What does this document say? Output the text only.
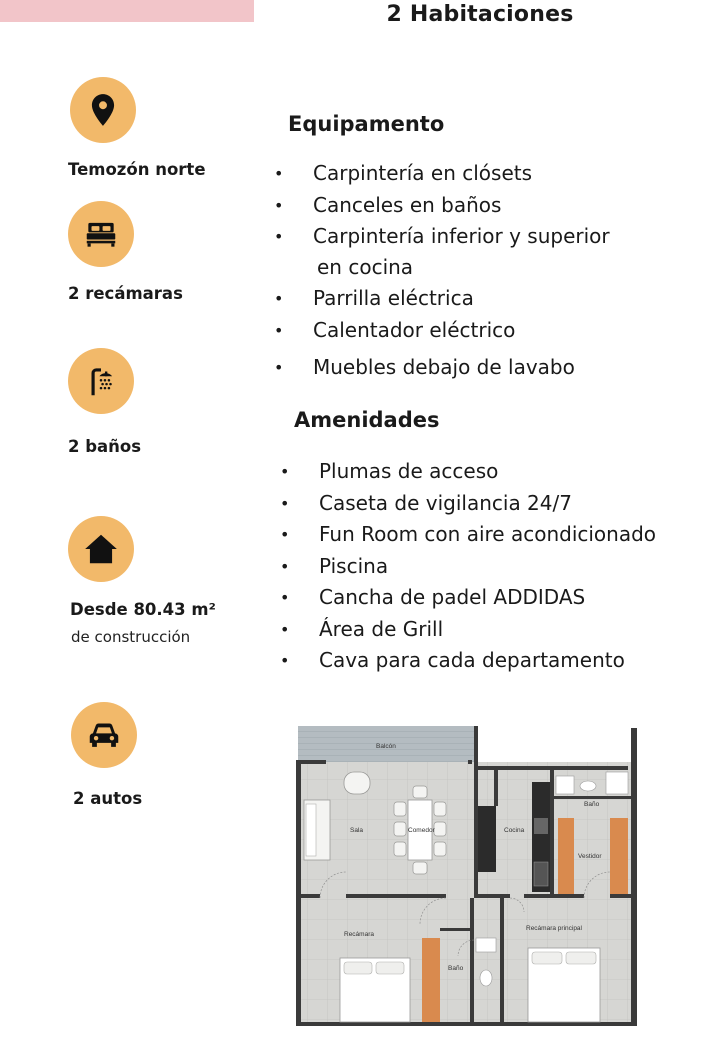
2 Habitaciones
Temozón norte
2 recámaras
2 baños
Desde 80.43 m²
de construcción
2 autos
Equipamento
• Carpintería en clósets
• Canceles en baños
• Carpintería inferior y superior
en cocina
• Parrilla eléctrica
• Calentador eléctrico
• Muebles debajo de lavabo
Amenidades
• Plumas de acceso
• Caseta de vigilancia 24/7
• Fun Room con aire acondicionado
• Piscina
• Cancha de padel ADDIDAS
• Área de Grill
• Cava para cada departamento
Balcón
Sala	Comedor	Cocina
Baño
Vestidor
Recámara
Baño
Recámara principal
